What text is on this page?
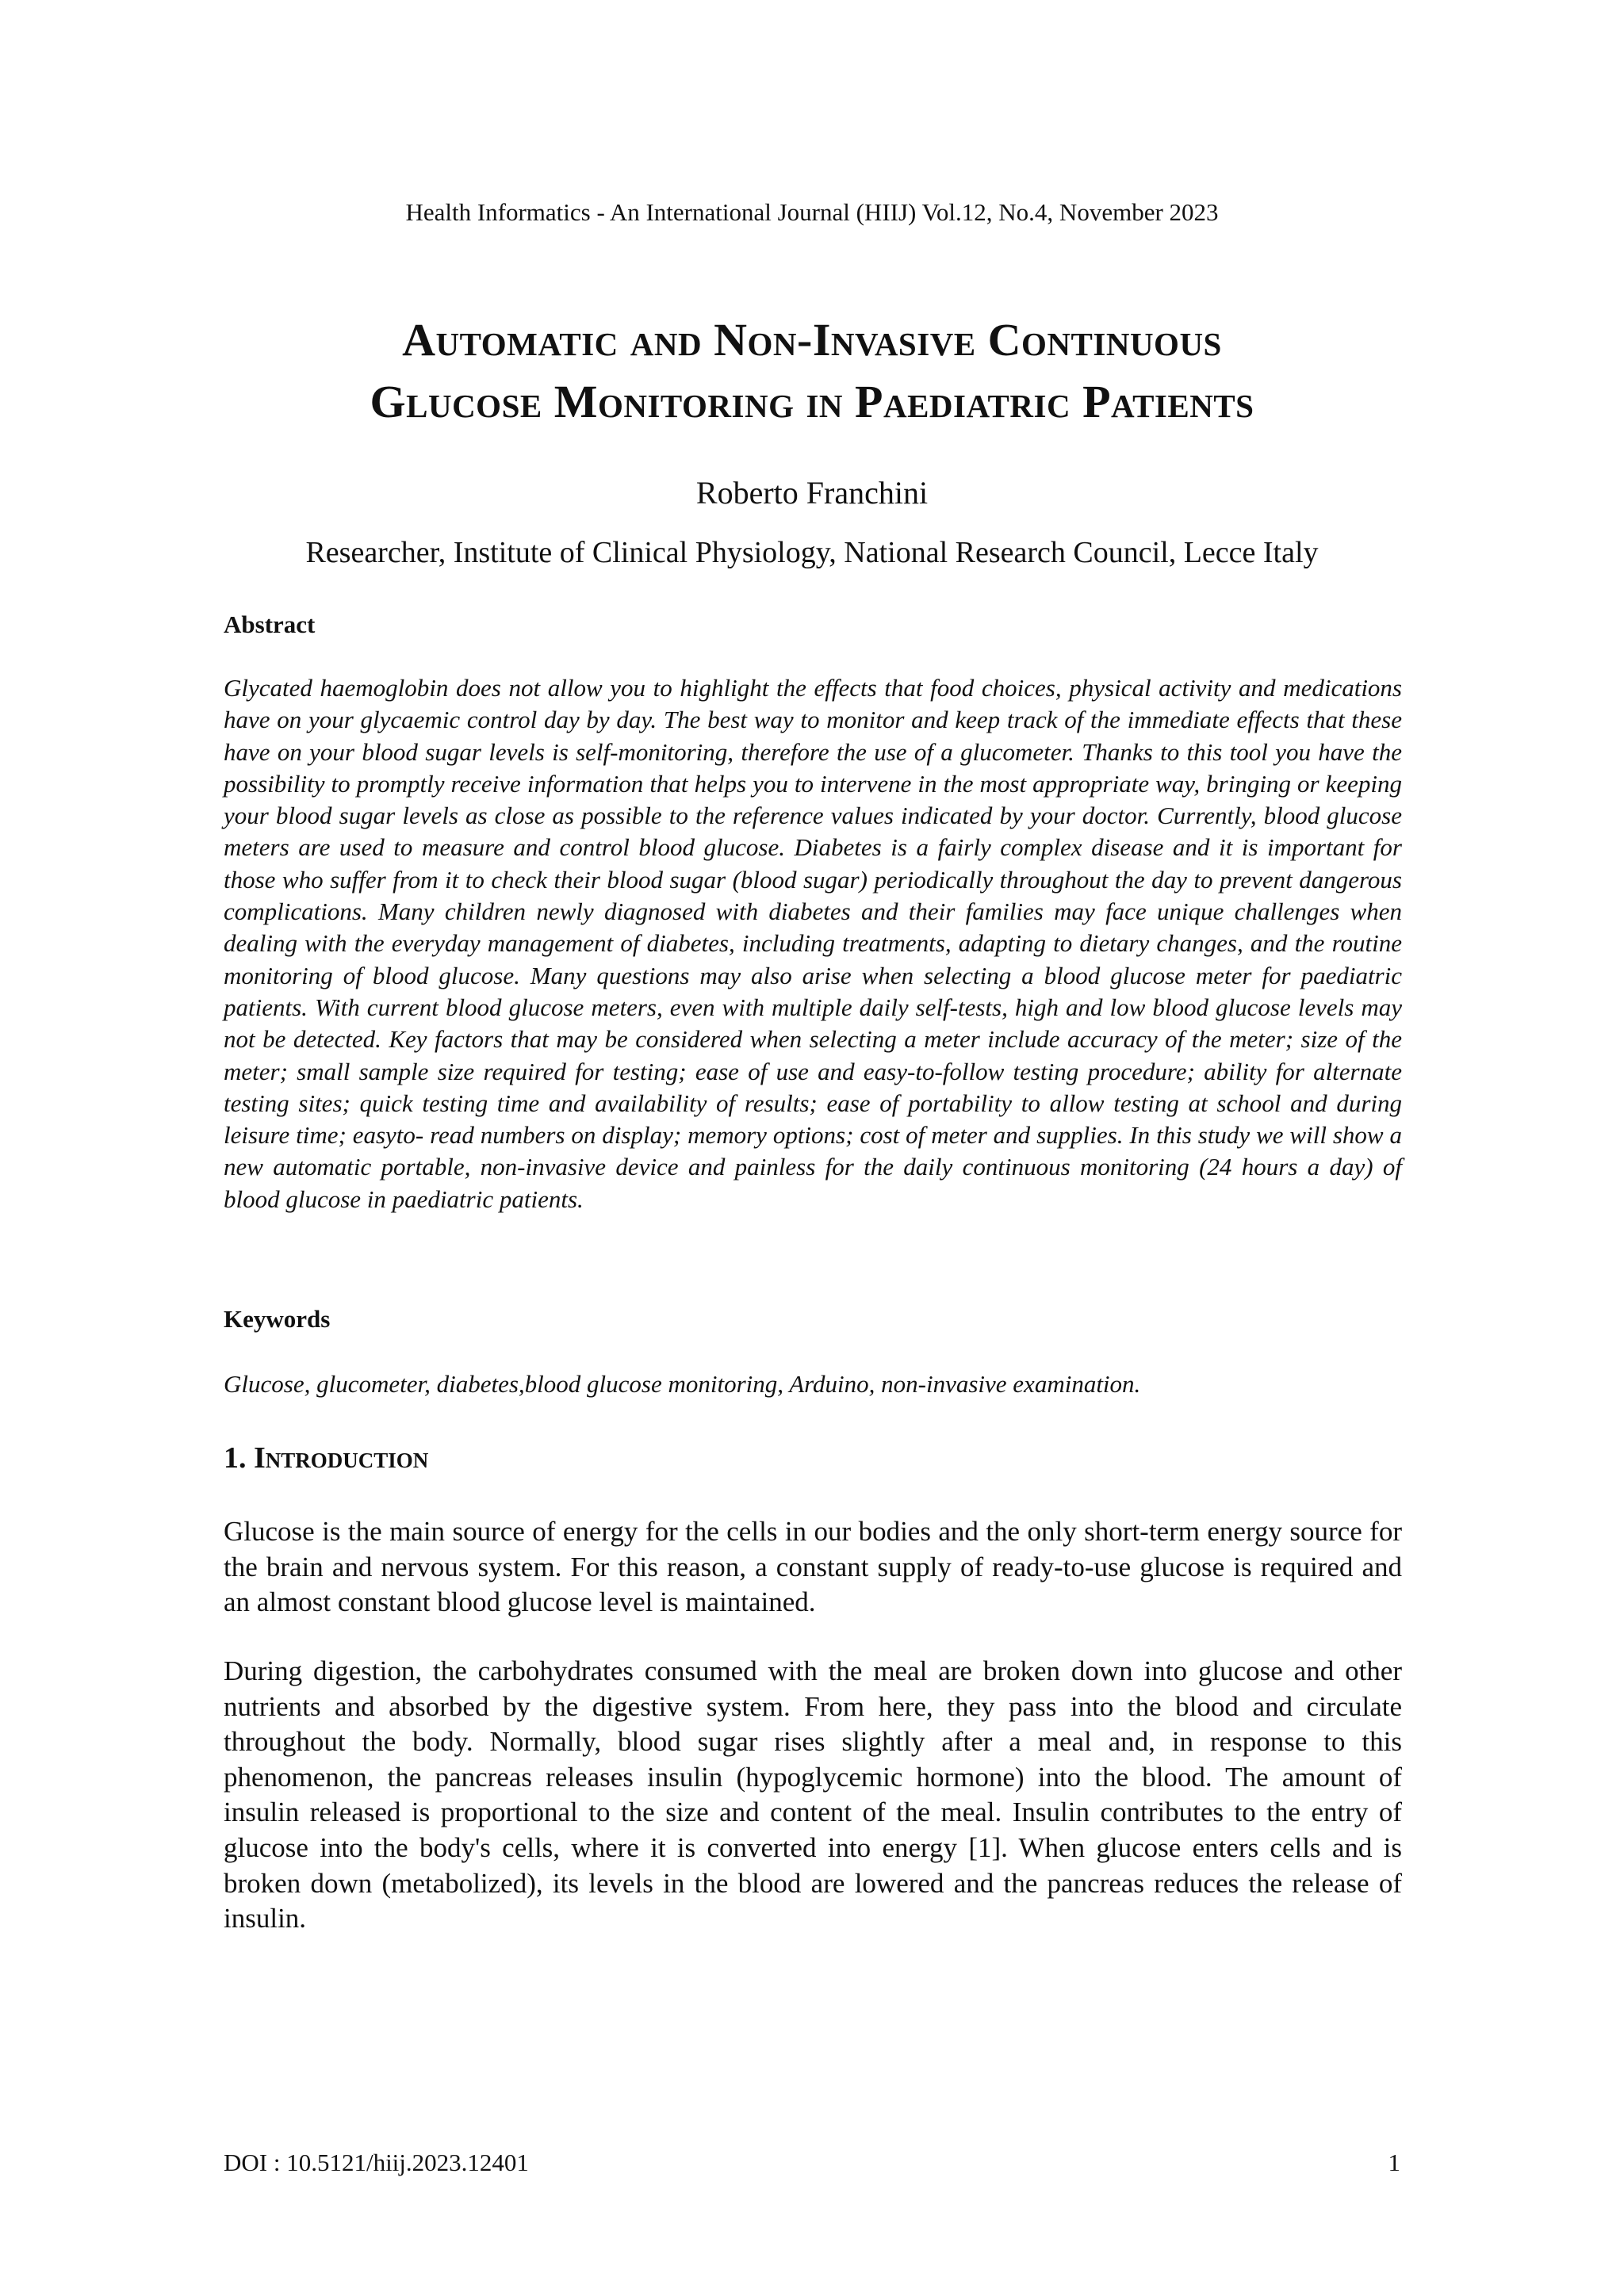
Health Informatics - An International Journal (HIIJ) Vol.12, No.4, November 2023
Automatic and Non-Invasive Continuous
Glucose Monitoring in Paediatric Patients
Roberto Franchini
Researcher, Institute of Clinical Physiology, National Research Council, Lecce Italy
Abstract

Glycated haemoglobin does not allow you to highlight the effects that food choices, physical activity and medications have on your glycaemic control day by day. The best way to monitor and keep track of the immediate effects that these have on your blood sugar levels is self-monitoring, therefore the use of a glucometer. Thanks to this tool you have the possibility to promptly receive information that helps you to intervene in the most appropriate way, bringing or keeping your blood sugar levels as close as possible to the reference values indicated by your doctor. Currently, blood glucose meters are used to measure and control blood glucose. Diabetes is a fairly complex disease and it is important for those who suffer from it to check their blood sugar (blood sugar) periodically throughout the day to prevent dangerous complications. Many children newly diagnosed with diabetes and their families may face unique challenges when dealing with the everyday management of diabetes, including treatments, adapting to dietary changes, and the routine monitoring of blood glucose. Many questions may also arise when selecting a blood glucose meter for paediatric patients. With current blood glucose meters, even with multiple daily self-tests, high and low blood glucose levels may not be detected. Key factors that may be considered when selecting a meter include accuracy of the meter; size of the meter; small sample size required for testing; ease of use and easy-to-follow testing procedure; ability for alternate testing sites; quick testing time and availability of results; ease of portability to allow testing at school and during leisure time; easyto- read numbers on display; memory options; cost of meter and supplies. In this study we will show a new automatic portable, non-invasive device and painless for the daily continuous monitoring (24 hours a day) of blood glucose in paediatric patients.

Keywords

Glucose, glucometer, diabetes,blood glucose monitoring, Arduino, non-invasive examination.

1. Introduction

Glucose is the main source of energy for the cells in our bodies and the only short-term energy source for the brain and nervous system. For this reason, a constant supply of ready-to-use glucose is required and an almost constant blood glucose level is maintained.

During digestion, the carbohydrates consumed with the meal are broken down into glucose and other nutrients and absorbed by the digestive system. From here, they pass into the blood and circulate throughout the body. Normally, blood sugar rises slightly after a meal and, in response to this phenomenon, the pancreas releases insulin (hypoglycemic hormone) into the blood. The amount of insulin released is proportional to the size and content of the meal. Insulin contributes to the entry of glucose into the body's cells, where it is converted into energy [1]. When glucose enters cells and is broken down (metabolized), its levels in the blood are lowered and the pancreas reduces the release of insulin.

DOI : 10.5121/hiij.2023.12401	1
